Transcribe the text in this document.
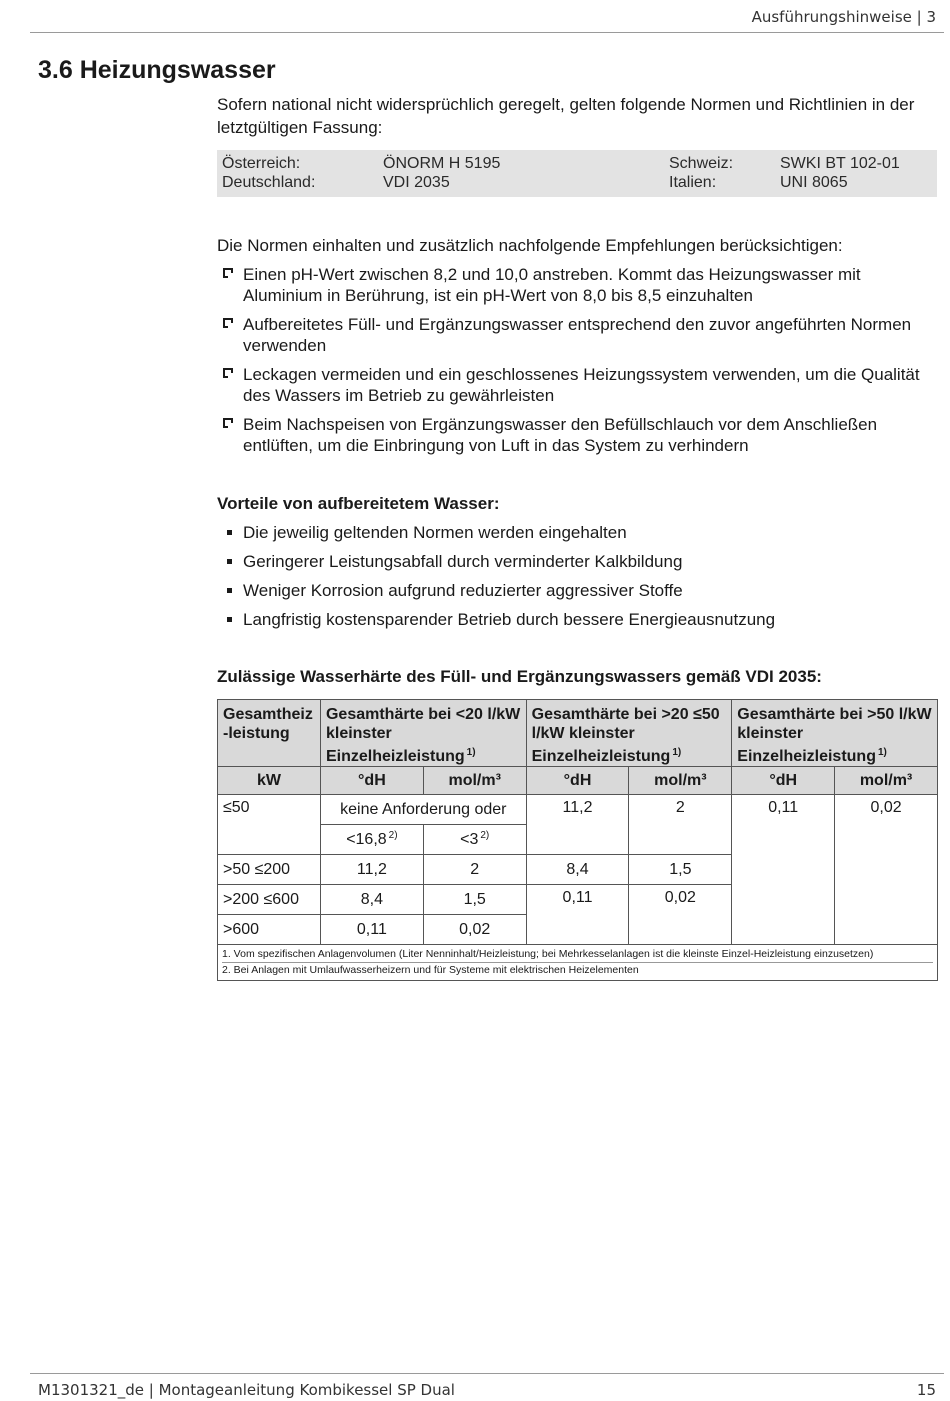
Ausführungshinweise | 3
3.6 Heizungswasser

Sofern national nicht widersprüchlich geregelt, gelten folgende Normen und Richtlinien in der letztgültigen Fassung:

Österreich:	ÖNORM H 5195	Schweiz:	SWKI BT 102-01
Deutschland:	VDI 2035	Italien:	UNI 8065

Die Normen einhalten und zusätzlich nachfolgende Empfehlungen berücksichtigen:

Einen pH-Wert zwischen 8,2 und 10,0 anstreben. Kommt das Heizungswasser mit Aluminium in Berührung, ist ein pH-Wert von 8,0 bis 8,5 einzuhalten
Aufbereitetes Füll- und Ergänzungswasser entsprechend den zuvor angeführten Normen verwenden
Leckagen vermeiden und ein geschlossenes Heizungssystem verwenden, um die Qualität des Wassers im Betrieb zu gewährleisten
Beim Nachspeisen von Ergänzungswasser den Befüllschlauch vor dem Anschließen entlüften, um die Einbringung von Luft in das System zu verhindern

Vorteile von aufbereitetem Wasser:

Die jeweilig geltenden Normen werden eingehalten
Geringerer Leistungsabfall durch verminderter Kalkbildung
Weniger Korrosion aufgrund reduzierter aggressiver Stoffe
Langfristig kostensparender Betrieb durch bessere Energieausnutzung

Zulässige Wasserhärte des Füll- und Ergänzungswassers gemäß VDI 2035:

Gesamtheiz -leistung	Gesamthärte bei <20 l/kW kleinster Einzelheizleistung $^{1)}$		Gesamthärte bei >20 ≤50 l/kW kleinster Einzelheizleistung $^{1)}$		Gesamthärte bei >50 l/kW kleinster Einzelheizleistung $^{1)}$
kW	°dH	mol/m³	°dH	mol/m³	°dH	mol/m³
≤50	keine Anforderung oder		11,2	2	0,11	0,02
	<16,8 $^{2)}$	<3 $^{2)}$
>50 ≤200	11,2	2	8,4	1,5		
>200 ≤600	8,4	1,5	0,11	0,02		
>600	0,11	0,02				

1. Vom spezifischen Anlagenvolumen (Liter Nenninhalt/Heizleistung; bei Mehrkesselanlagen ist die kleinste Einzel-Heizleistung einzusetzen)
2. Bei Anlagen mit Umlaufwasserheizern und für Systeme mit elektrischen Heizelementen						
M1301321_de | Montageanleitung Kombikessel SP Dual	15
